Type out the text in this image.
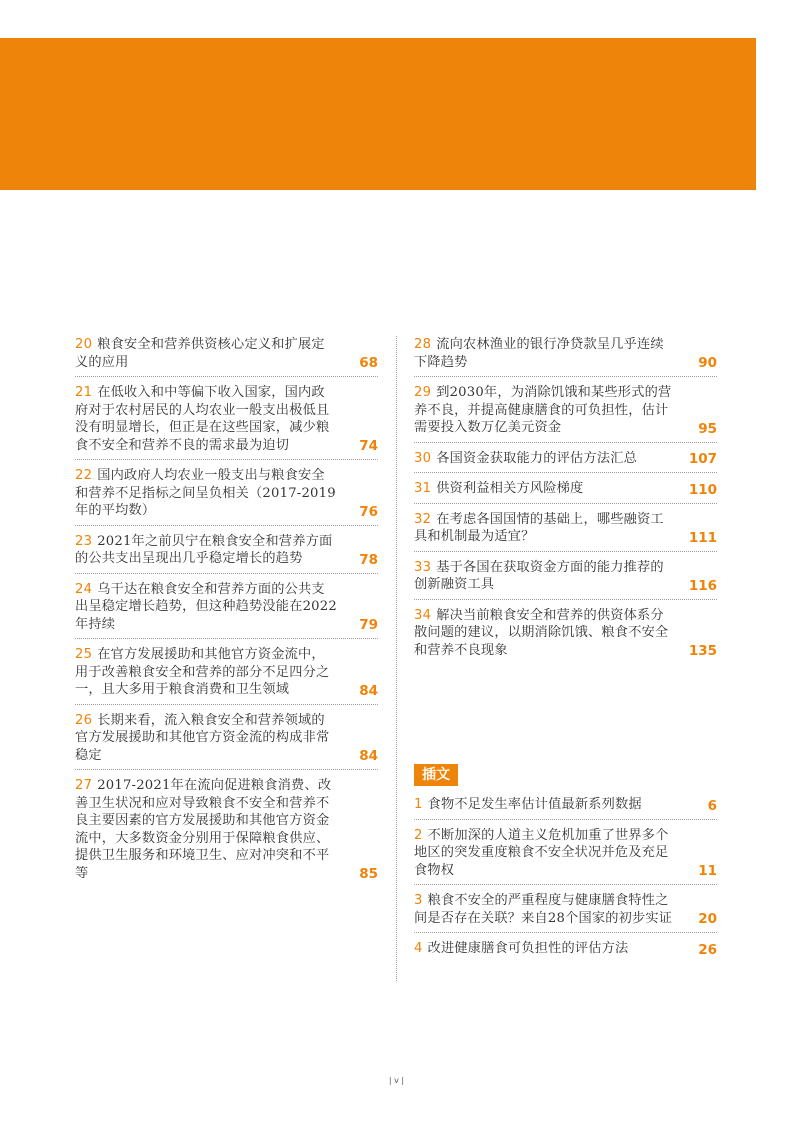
20 粮食安全和营养供资核心定义和扩展定义的应用	68
21 在低收入和中等偏下收入国家，国内政府对于农村居民的人均农业一般支出极低且没有明显增长，但正是在这些国家，减少粮食不安全和营养不良的需求最为迫切	74
22 国内政府人均农业一般支出与粮食安全和营养不足指标之间呈负相关（2017-2019年的平均数）	76
23 2021年之前贝宁在粮食安全和营养方面的公共支出呈现出几乎稳定增长的趋势	78
24 乌干达在粮食安全和营养方面的公共支出呈稳定增长趋势，但这种趋势没能在2022年持续	79
25 在官方发展援助和其他官方资金流中，用于改善粮食安全和营养的部分不足四分之一，且大多用于粮食消费和卫生领域	84
26 长期来看，流入粮食安全和营养领域的官方发展援助和其他官方资金流的构成非常稳定	84
27 2017-2021年在流向促进粮食消费、改善卫生状况和应对导致粮食不安全和营养不良主要因素的官方发展援助和其他官方资金流中，大多数资金分别用于保障粮食供应、提供卫生服务和环境卫生、应对冲突和不平等	85
28 流向农林渔业的银行净贷款呈几乎连续下降趋势	90
29 到2030年，为消除饥饿和某些形式的营养不良，并提高健康膳食的可负担性，估计需要投入数万亿美元资金	95
30 各国资金获取能力的评估方法汇总	107
31 供资利益相关方风险梯度	110
32 在考虑各国国情的基础上，哪些融资工具和机制最为适宜？	111
33 基于各国在获取资金方面的能力推荐的创新融资工具	116
34 解决当前粮食安全和营养的供资体系分散问题的建议，以期消除饥饿、粮食不安全和营养不良现象	135
插文
1 食物不足发生率估计值最新系列数据	6
2 不断加深的人道主义危机加重了世界多个地区的突发重度粮食不安全状况并危及充足食物权	11
3 粮食不安全的严重程度与健康膳食特性之间是否存在关联？来自28个国家的初步实证 20
4 改进健康膳食可负担性的评估方法	26
| v |
